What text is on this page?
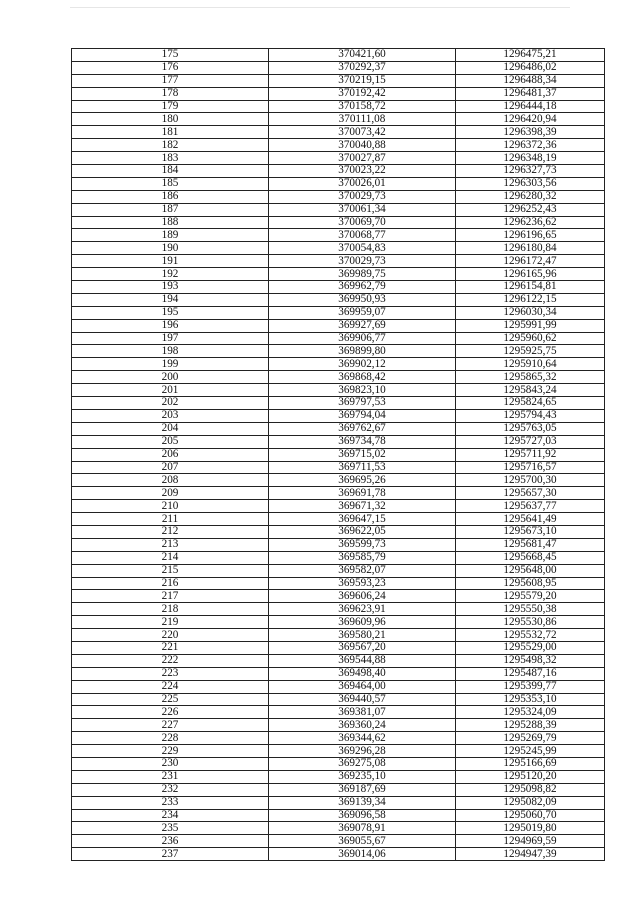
175	370421,60	1296475,21
176	370292,37	1296486,02
177	370219,15	1296488,34
178	370192,42	1296481,37
179	370158,72	1296444,18
180	370111,08	1296420,94
181	370073,42	1296398,39
182	370040,88	1296372,36
183	370027,87	1296348,19
184	370023,22	1296327,73
185	370026,01	1296303,56
186	370029,73	1296280,32
187	370061,34	1296252,43
188	370069,70	1296236,62
189	370068,77	1296196,65
190	370054,83	1296180,84
191	370029,73	1296172,47
192	369989,75	1296165,96
193	369962,79	1296154,81
194	369950,93	1296122,15
195	369959,07	1296030,34
196	369927,69	1295991,99
197	369906,77	1295960,62
198	369899,80	1295925,75
199	369902,12	1295910,64
200	369868,42	1295865,32
201	369823,10	1295843,24
202	369797,53	1295824,65
203	369794,04	1295794,43
204	369762,67	1295763,05
205	369734,78	1295727,03
206	369715,02	1295711,92
207	369711,53	1295716,57
208	369695,26	1295700,30
209	369691,78	1295657,30
210	369671,32	1295637,77
211	369647,15	1295641,49
212	369622,05	1295673,10
213	369599,73	1295681,47
214	369585,79	1295668,45
215	369582,07	1295648,00
216	369593,23	1295608,95
217	369606,24	1295579,20
218	369623,91	1295550,38
219	369609,96	1295530,86
220	369580,21	1295532,72
221	369567,20	1295529,00
222	369544,88	1295498,32
223	369498,40	1295487,16
224	369464,00	1295399,77
225	369440,57	1295353,10
226	369381,07	1295324,09
227	369360,24	1295288,39
228	369344,62	1295269,79
229	369296,28	1295245,99
230	369275,08	1295166,69
231	369235,10	1295120,20
232	369187,69	1295098,82
233	369139,34	1295082,09
234	369096,58	1295060,70
235	369078,91	1295019,80
236	369055,67	1294969,59
237	369014,06	1294947,39
